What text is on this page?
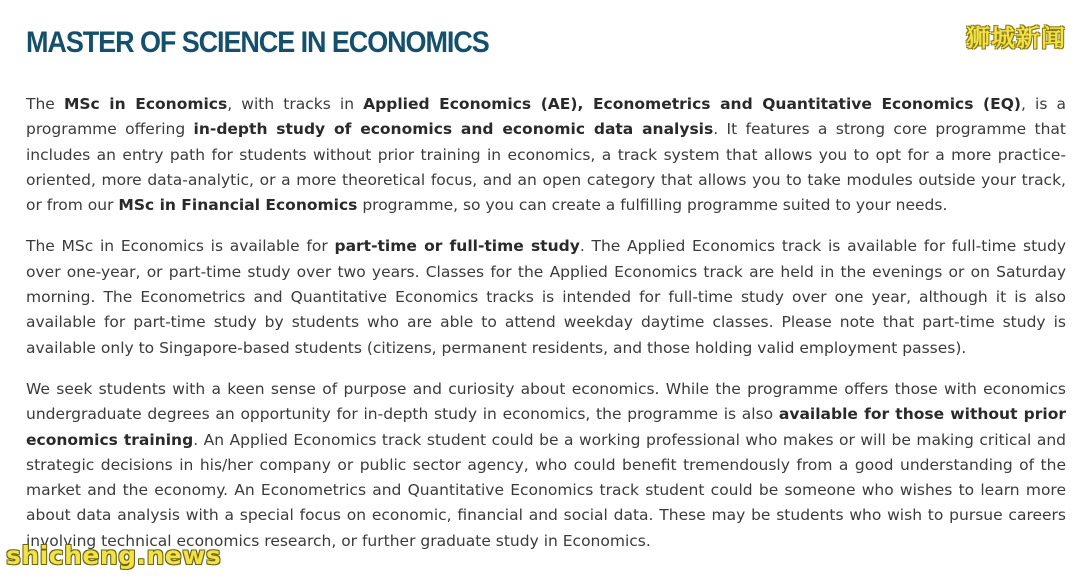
MASTER OF SCIENCE IN ECONOMICS

The MSc in Economics, with tracks in Applied Economics (AE), Econometrics and Quantitative Economics (EQ), is a programme offering in-depth study of economics and economic data analysis. It features a strong core programme that includes an entry path for students without prior training in economics, a track system that allows you to opt for a more practice-oriented, more data-analytic, or a more theoretical focus, and an open category that allows you to take modules outside your track, or from our MSc in Financial Economics programme, so you can create a fulfilling programme suited to your needs.

The MSc in Economics is available for part-time or full-time study. The Applied Economics track is available for full-time study over one-year, or part-time study over two years. Classes for the Applied Economics track are held in the evenings or on Saturday morning. The Econometrics and Quantitative Economics tracks is intended for full-time study over one year, although it is also available for part-time study by students who are able to attend weekday daytime classes. Please note that part-time study is available only to Singapore-based students (citizens, permanent residents, and those holding valid employment passes).

We seek students with a keen sense of purpose and curiosity about economics. While the programme offers those with economics undergraduate degrees an opportunity for in-depth study in economics, the programme is also available for those without prior economics training. An Applied Economics track student could be a working professional who makes or will be making critical and strategic decisions in his/her company or public sector agency, who could benefit tremendously from a good understanding of the market and the economy. An Econometrics and Quantitative Economics track student could be someone who wishes to learn more about data analysis with a special focus on economic, financial and social data. These may be students who wish to pursue careers involving technical economics research, or further graduate study in Economics.

狮城新闻
shicheng.news
